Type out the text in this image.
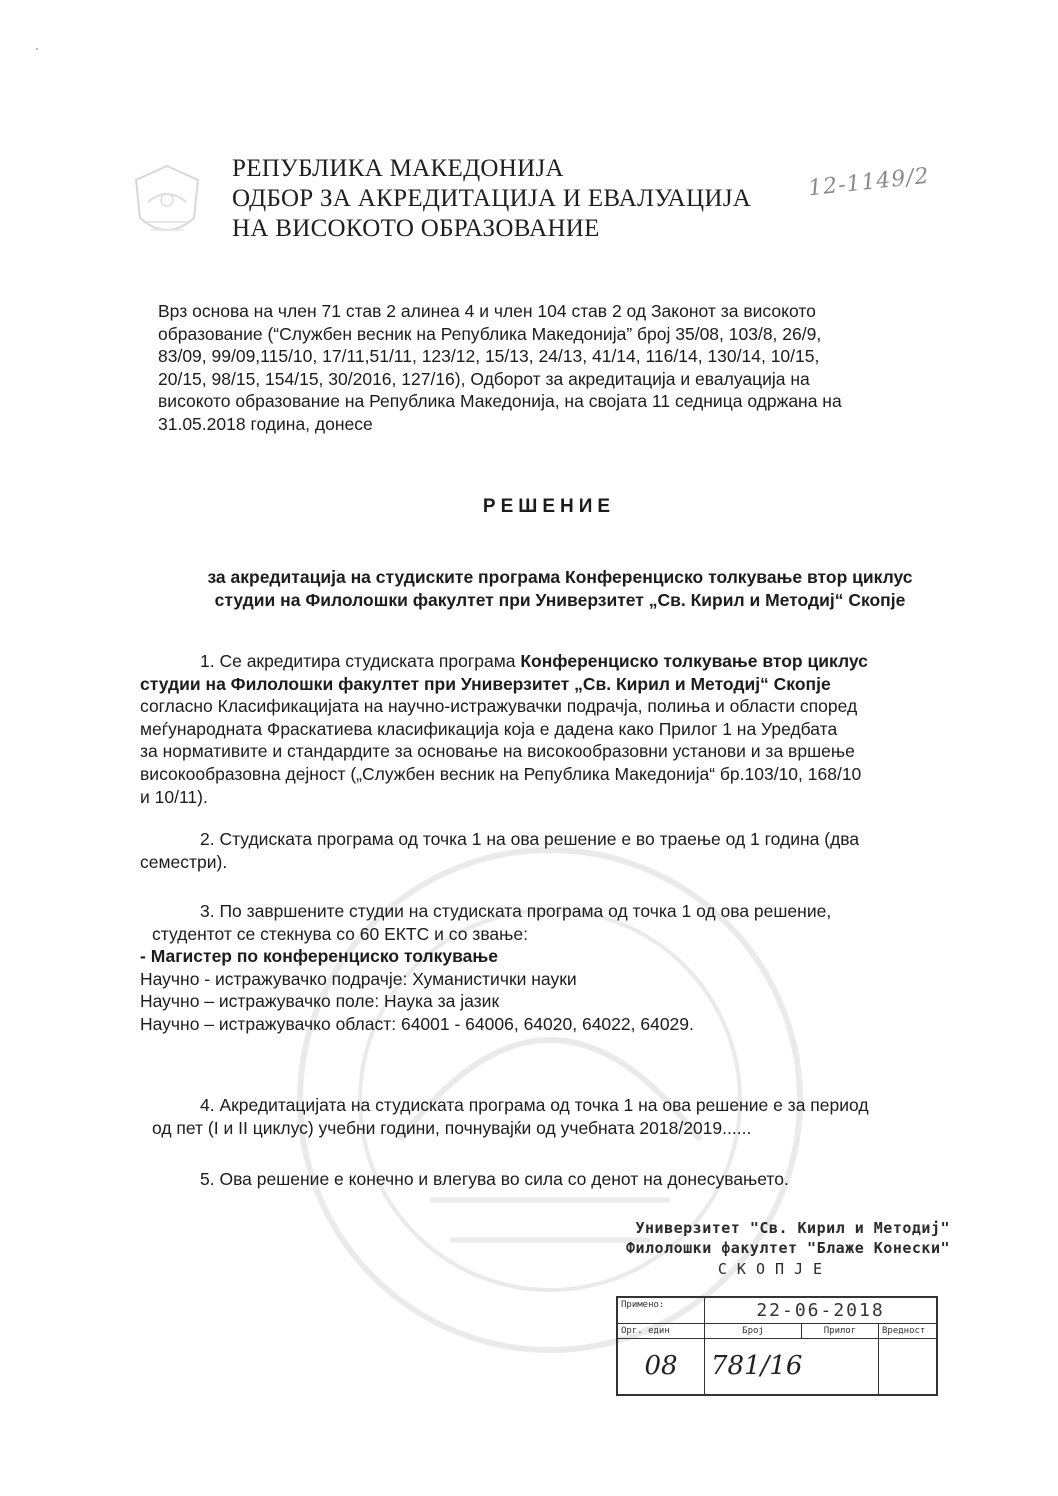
РЕПУБЛИКА МАКЕДОНИЈА
ОДБОР ЗА АКРЕДИТАЦИЈА И ЕВАЛУАЦИЈА
НА ВИСОКОТО ОБРАЗОВАНИЕ
12-1149/2
Врз основа на член 71 став 2 алинеа 4 и член 104 став 2 од Законот за високото
образование (“Службен весник на Република Македонија” број 35/08, 103/8, 26/9,
83/09, 99/09,115/10, 17/11,51/11, 123/12, 15/13, 24/13, 41/14, 116/14, 130/14, 10/15,
20/15, 98/15, 154/15, 30/2016, 127/16), Одборот за акредитација и евалуација на
високото образование на Република Македонија, на својата 11 седница одржана на
31.05.2018 година, донесе
РЕШЕНИЕ
за акредитација на студиските програма Конференциско толкување втор циклус
студии на Филолошки факултет при Универзитет „Св. Кирил и Методиј“ Скопје
1. Се акредитира студиската програма Конференциско толкување втор циклус
студии на Филолошки факултет при Универзитет „Св. Кирил и Методиј“ Скопје
согласно Класификацијата на научно-истражувачки подрачја, полиња и области според
меѓународната Фраскатиева класификација која е дадена како Прилог 1 на Уредбата
за нормативите и стандардите за основање на високообразовни установи и за вршење
високообразовна дејност („Службен весник на Република Македонија“ бр.103/10, 168/10
и 10/11).
2. Студиската програма од точка 1 на ова решение е во траење од 1 година (два
семестри).
3. По завршените студии на студиската програма од точка 1 од ова решение,
студентот се стекнува со 60 ЕКТС и со звање:
- Магистер по конференциско толкување
Научно - истражувачко подрачје: Хуманистички науки
Научно – истражувачко поле: Наука за јазик
Научно – истражувачко област: 64001 - 64006, 64020, 64022, 64029.
4. Акредитацијата на студиската програма од точка 1 на ова решение е за период
од пет (I и II циклус) учебни години, почнувајќи од учебната 2018/2019......
5. Ова решение е конечно и влегува во сила со денот на донесувањето.
Универзитет "Св. Кирил и Методиј"
Филолошки факултет "Блаже Конески"
СКОПЈЕ
Примено:	22-06-2018		
Орг. един	Број	Прилог	Вредност
08	781/16		
